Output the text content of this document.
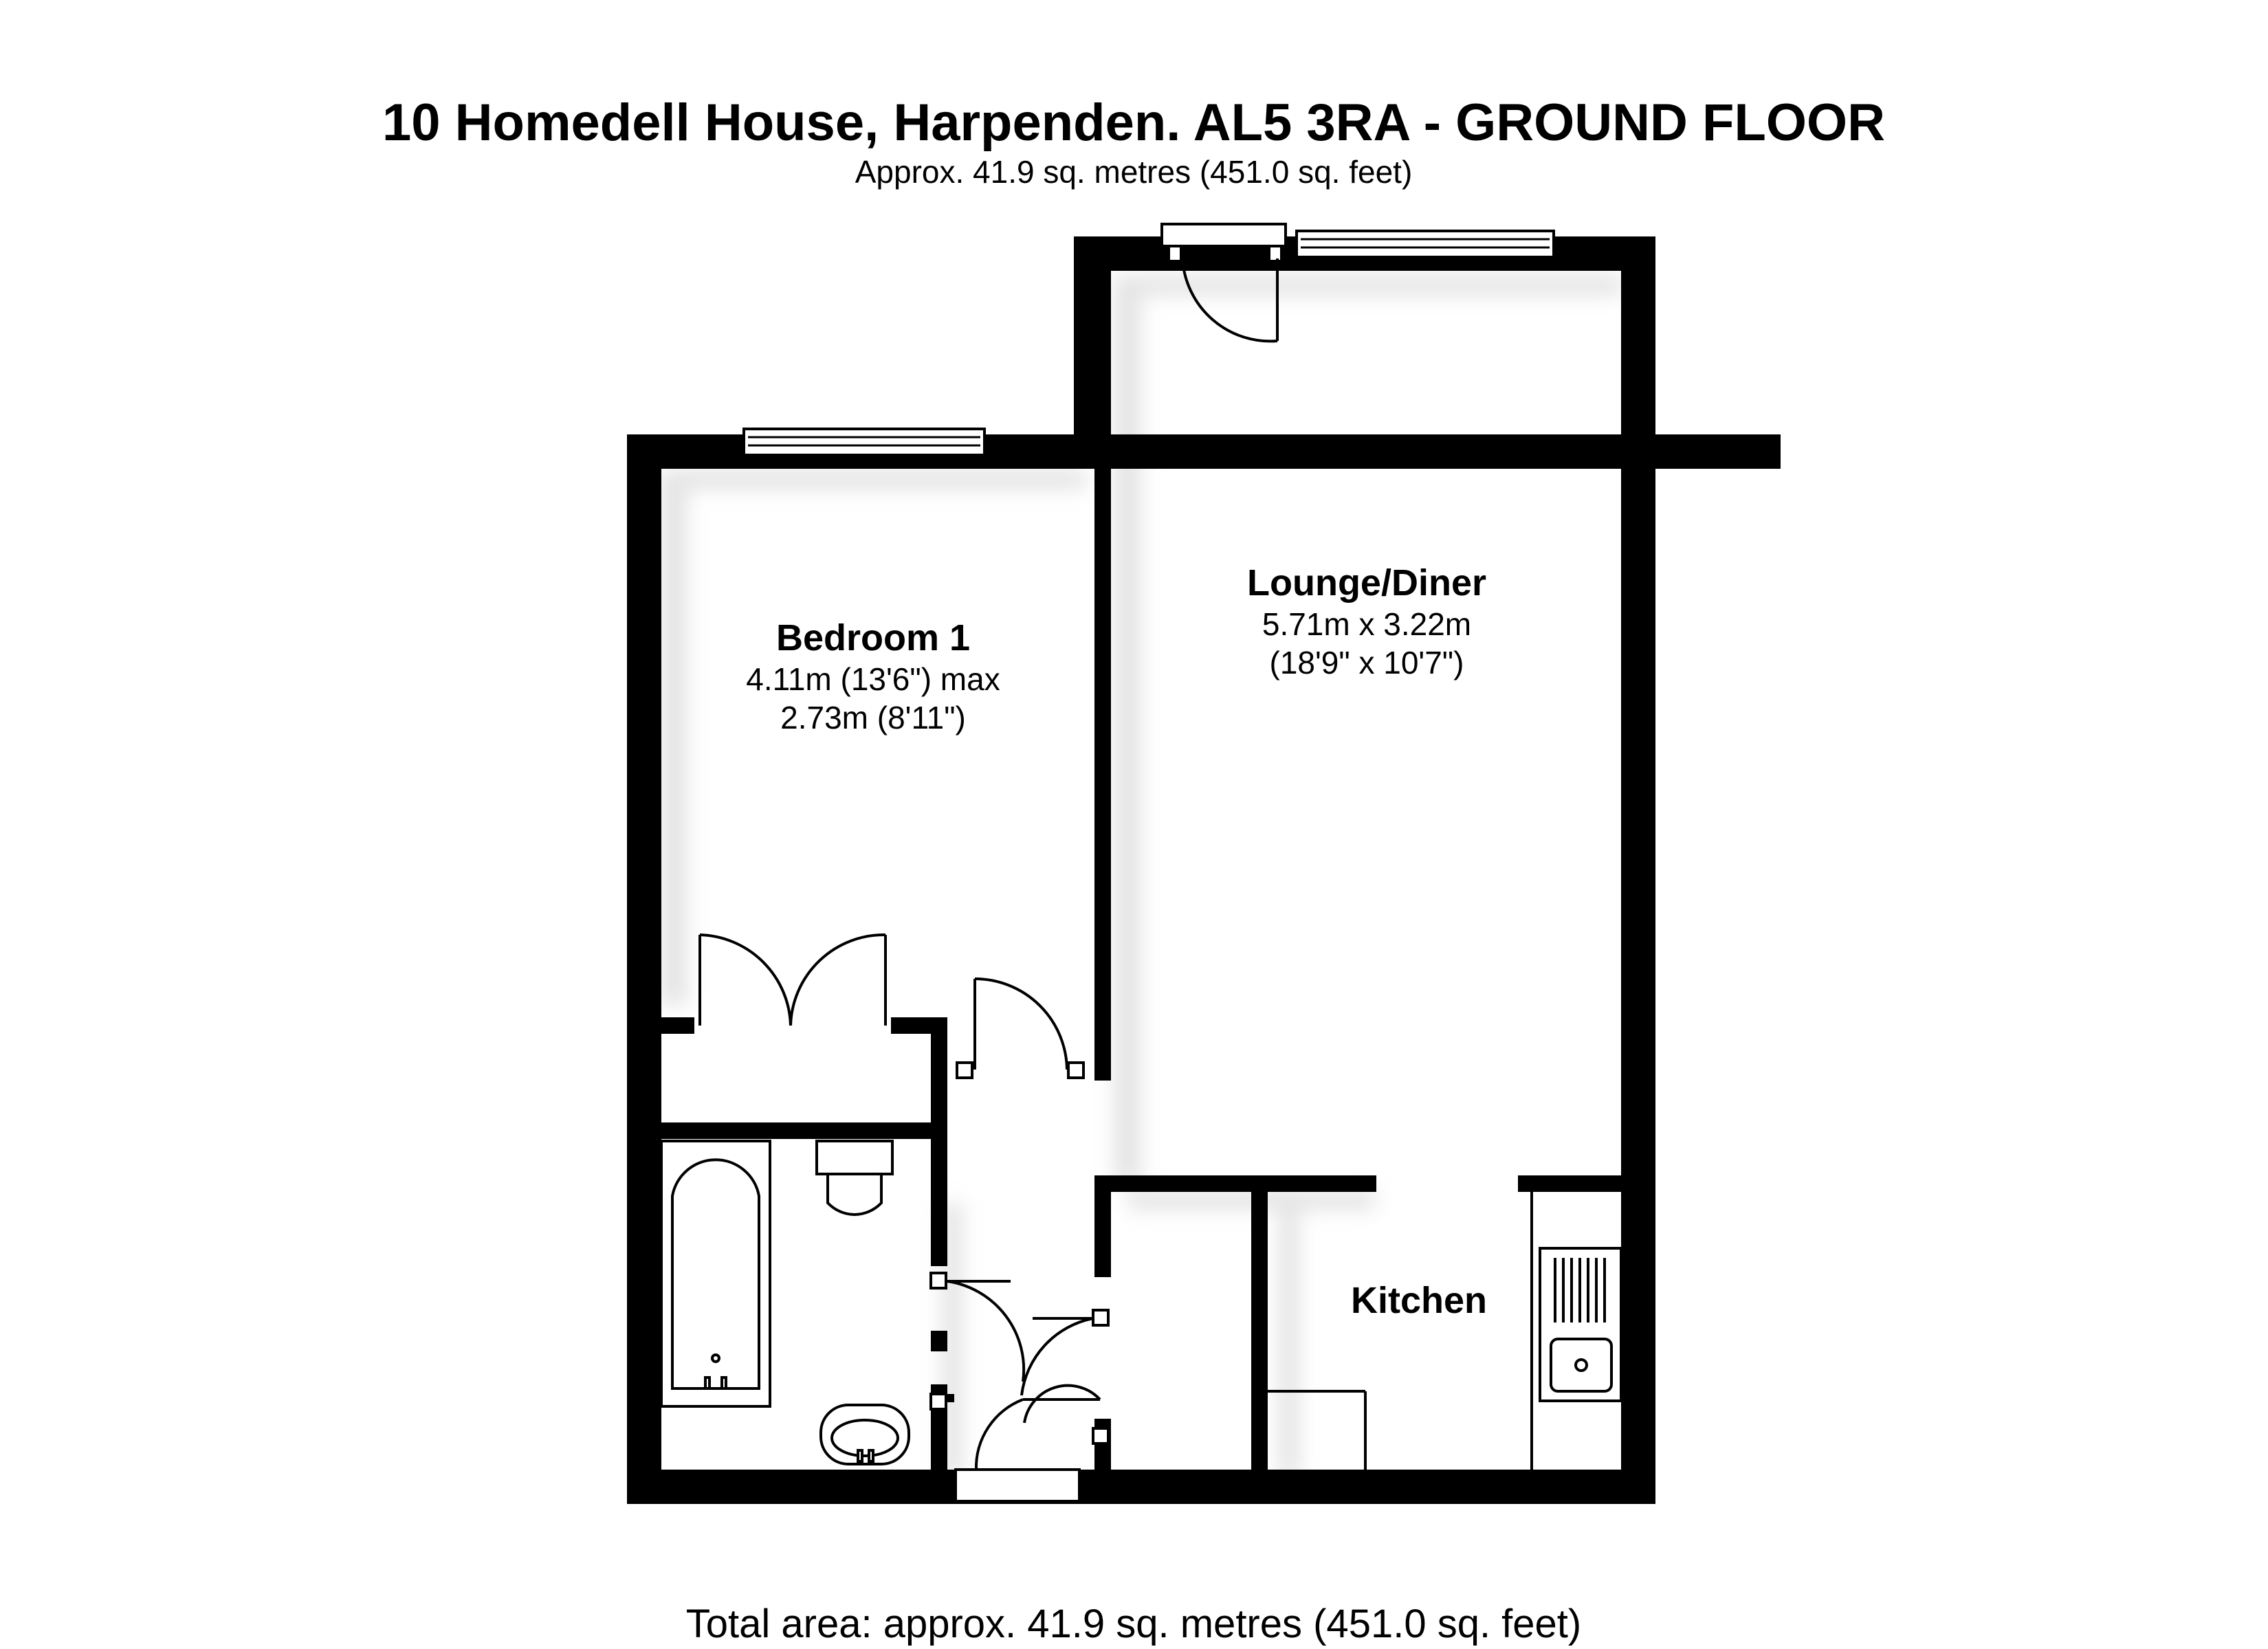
10 Homedell House, Harpenden. AL5 3RA - GROUND FLOOR
Approx. 41.9 sq. metres (451.0 sq. feet)
Bedroom 1
4.11m (13'6") max
2.73m (8'11")
Lounge/Diner
5.71m x 3.22m
(18'9" x 10'7")
Kitchen
Total area: approx. 41.9 sq. metres (451.0 sq. feet)
